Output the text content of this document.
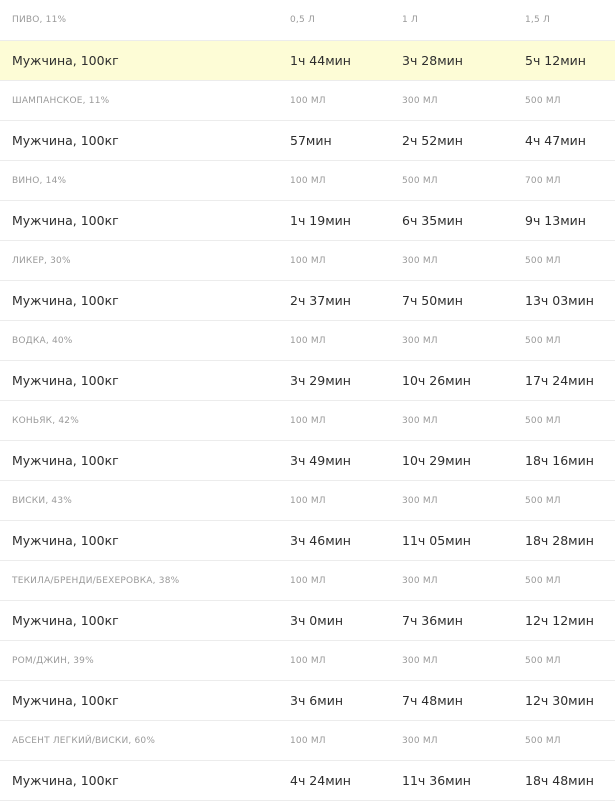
ПИВО, 11%	0,5 Л	1 Л	1,5 Л
Мужчина, 100кг	1ч 44мин	3ч 28мин	5ч 12мин
ШАМПАНСКОЕ, 11%	100 МЛ	300 МЛ	500 МЛ
Мужчина, 100кг	57мин	2ч 52мин	4ч 47мин
ВИНО, 14%	100 МЛ	500 МЛ	700 МЛ
Мужчина, 100кг	1ч 19мин	6ч 35мин	9ч 13мин
ЛИКЕР, 30%	100 МЛ	300 МЛ	500 МЛ
Мужчина, 100кг	2ч 37мин	7ч 50мин	13ч 03мин
ВОДКА, 40%	100 МЛ	300 МЛ	500 МЛ
Мужчина, 100кг	3ч 29мин	10ч 26мин	17ч 24мин
КОНЬЯК, 42%	100 МЛ	300 МЛ	500 МЛ
Мужчина, 100кг	3ч 49мин	10ч 29мин	18ч 16мин
ВИСКИ, 43%	100 МЛ	300 МЛ	500 МЛ
Мужчина, 100кг	3ч 46мин	11ч 05мин	18ч 28мин
ТЕКИЛА/БРЕНДИ/БЕХЕРОВКА, 38%	100 МЛ	300 МЛ	500 МЛ
Мужчина, 100кг	3ч 0мин	7ч 36мин	12ч 12мин
РОМ/ДЖИН, 39%	100 МЛ	300 МЛ	500 МЛ
Мужчина, 100кг	3ч 6мин	7ч 48мин	12ч 30мин
АБСЕНТ ЛЕГКИЙ/ВИСКИ, 60%	100 МЛ	300 МЛ	500 МЛ
Мужчина, 100кг	4ч 24мин	11ч 36мин	18ч 48мин
